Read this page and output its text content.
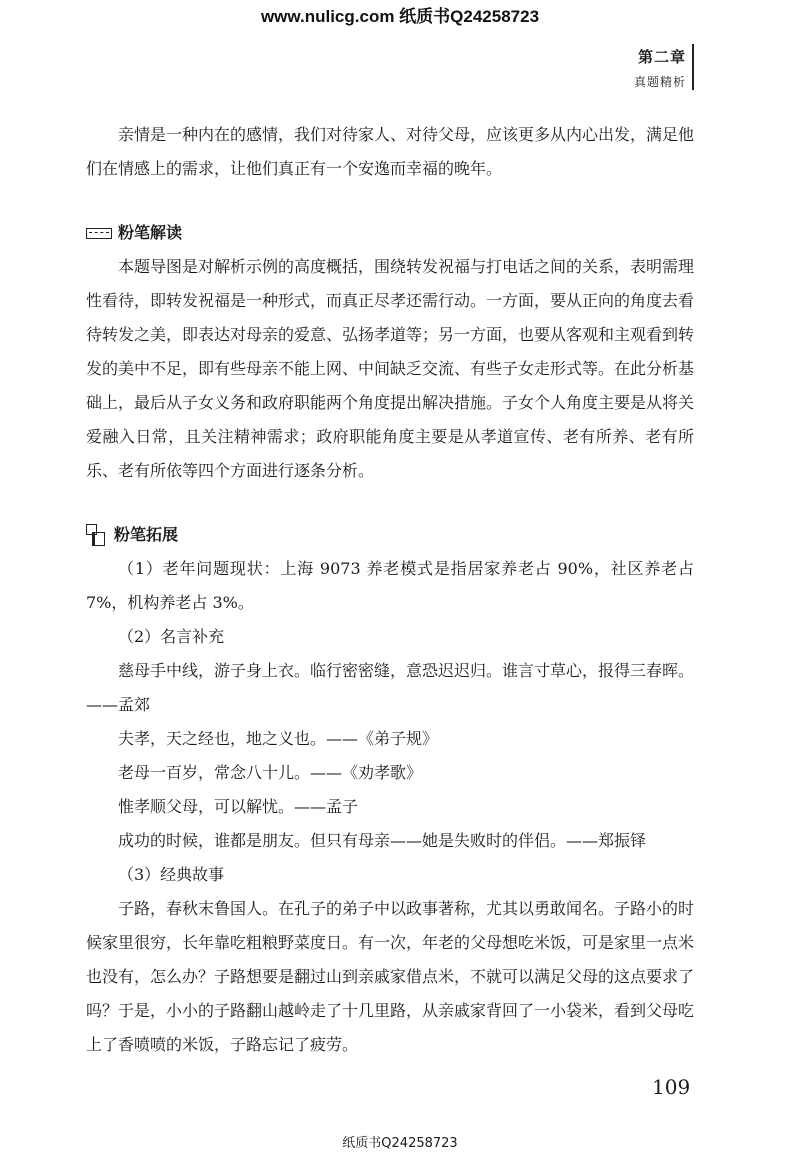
www.nulicg.com 纸质书Q24258723
第二章
真题精析

亲情是一种内在的感情，我们对待家人、对待父母，应该更多从内心出发，满足他们在情感上的需求，让他们真正有一个安逸而幸福的晚年。

粉笔解读

本题导图是对解析示例的高度概括，围绕转发祝福与打电话之间的关系，表明需理性看待，即转发祝福是一种形式，而真正尽孝还需行动。一方面，要从正向的角度去看待转发之美，即表达对母亲的爱意、弘扬孝道等；另一方面，也要从客观和主观看到转发的美中不足，即有些母亲不能上网、中间缺乏交流、有些子女走形式等。在此分析基础上，最后从子女义务和政府职能两个角度提出解决措施。子女个人角度主要是从将关爱融入日常，且关注精神需求；政府职能角度主要是从孝道宣传、老有所养、老有所乐、老有所依等四个方面进行逐条分析。

粉笔拓展

（1）老年问题现状：上海 9073 养老模式是指居家养老占 90%，社区养老占 7%，机构养老占 3%。

（2）名言补充

慈母手中线，游子身上衣。临行密密缝，意恐迟迟归。谁言寸草心，报得三春晖。——孟郊

夫孝，天之经也，地之义也。——《弟子规》

老母一百岁，常念八十儿。——《劝孝歌》

惟孝顺父母，可以解忧。——孟子

成功的时候，谁都是朋友。但只有母亲——她是失败时的伴侣。——郑振铎

（3）经典故事

子路，春秋末鲁国人。在孔子的弟子中以政事著称，尤其以勇敢闻名。子路小的时候家里很穷，长年靠吃粗粮野菜度日。有一次，年老的父母想吃米饭，可是家里一点米也没有，怎么办？子路想要是翻过山到亲戚家借点米，不就可以满足父母的这点要求了吗？于是，小小的子路翻山越岭走了十几里路，从亲戚家背回了一小袋米，看到父母吃上了香喷喷的米饭，子路忘记了疲劳。

109
纸质书Q24258723
